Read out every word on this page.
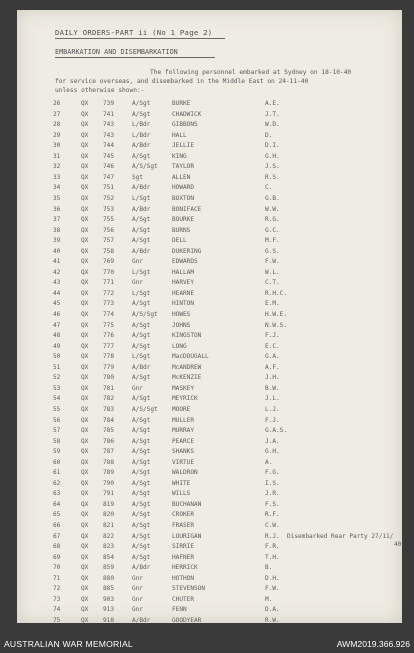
DAILY ORDERS-PART ii (No 1 Page 2)
EMBARKATION AND DISEMBARKATION
The following personnel embarked at Sydney on 18-10-40
for service overseas, and disembarked in the Middle East on 24-11-40
unless otherwise shown:-
26	QX 739	A/Sgt	BURKE	A.E.
27	QX 741	A/Sgt	CHADWICK	J.T.
28	QX 743	L/Bdr	GIBBONS	W.D.
29	QX 743	L/Bdr	HALL	D.
30	QX 744	A/Bdr	JELLIE	D.I.
31	QX 745	A/Sgt	KING	G.H.
32	QX 746	A/S/Sgt TAYLOR	J.S.
33	QX 747	Sgt	ALLEN	R.S.
34	QX 751	A/Bdr	HOWARD	C.
35	QX 752	L/Sgt	BOXTON	G.B.
36	QX 753	A/Bdr	BONIFACE	W.W.
37	QX 755	A/Sgt	BOURKE	R.G.
38	QX 756	A/Sgt	BURNS	G.C.
39	QX 757	A/Sgt	DELL	M.F.
40	QX 758	A/Bdr	DUKERING	G.S.
41	QX 769	Gnr	EDWARDS	F.W.
42	QX 770	L/Sgt	HALLAM	W.L.
43	QX 771	Gnr	HARVEY	C.T.
44	QX 772	L/Sgt	HEARNE	R.H.C.
45	QX 773	A/Sgt	HINTON	E.M.
46	QX 774	A/S/Sgt HOWES	H.W.E.
47	QX 775	A/Sgt	JOHNS	N.W.S.
48	QX 776	A/Sgt	KINGSTON	F.J.
49	QX 777	A/Sgt	LONG	E.C.
50	QX 778	L/Sgt	MacDOUGALL	G.A.
51	QX 779	A/Bdr	McANDREW	A.F.
52	QX 780	A/Sgt	McKENZIE	J.H.
53	QX 781	Gnr	MASKEY	B.W.
54	QX 782	A/Sgt	MEYRICK	J.L.
55	QX 783	A/S/Sgt MOORE	L.J.
56	QX 784	A/Sgt	MULLER	F.J.
57	QX 785	A/Sgt	MURRAY	G.A.S.
58	QX 786	A/Sgt	PEARCE	J.A.
59	QX 787	A/Sgt	SHANKS	G.H.
60	QX 788	A/Sgt	VIRTUE	A.
61	QX 789	A/Sgt	WALDRON	F.G.
62	QX 790	A/Sgt	WHITE	I.S.
63	QX 791	A/Sgt	WILLS	J.R.
64	QX 819	A/Sgt	BUCHANAN	F.S.
65	QX 820	A/Sgt	CROKER	R.F.
66	QX 821	A/Sgt	FRASER	C.W.
67	QX 822	A/Sgt	LOURIGAN	R.J. Disembarked Rear Party 27/11/
40
68	QX 823	A/Sgt	SIRRIE	F.R.
69	QX 854	A/Sgt	HAFNER	T.H.
70	QX 859	A/Bdr	HERRICK	B.
71	QX 880	Gnr	HOTHON	D.H.
72	QX 885	Gnr	STEVENSON	F.W.
73	QX 903	Gnr	CHUTER	M.
74	QX 913	Gnr	FENN	D.A.
75	QX 918	A/Bdr	GOODYEAR	R.W.
AUSTRALIAN WAR MEMORIAL	AWM2019.366.926
